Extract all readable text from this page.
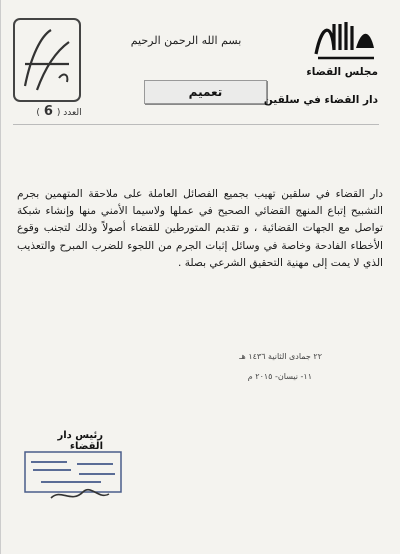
العدد (6)
بسم الله الرحمن الرحيم
تعميم
مجلس القضاء
دار القضاء في سلقين
دار القضاء في سلقين تهيب بجميع الفصائل العاملة على ملاحقة المتهمين بجرم التشبيح إتباع المنهج القضائي الصحيح في عملها ولاسيما الأمني منها وإنشاء شبكة تواصل مع الجهات القضائية ، و تقديم المتورطين للقضاء أصولاً وذلك لتجنب وقوع الأخطاء الفادحة وخاصة في وسائل إثبات الجرم من اللجوء للضرب المبرح والتعذيب الذي لا يمت إلى مهنية التحقيق الشرعي بصلة .
٢٢ جمادى الثانية ١٤٣٦ هـ
١١- نيسان- ٢٠١٥ م
رئيس دار القضاء
